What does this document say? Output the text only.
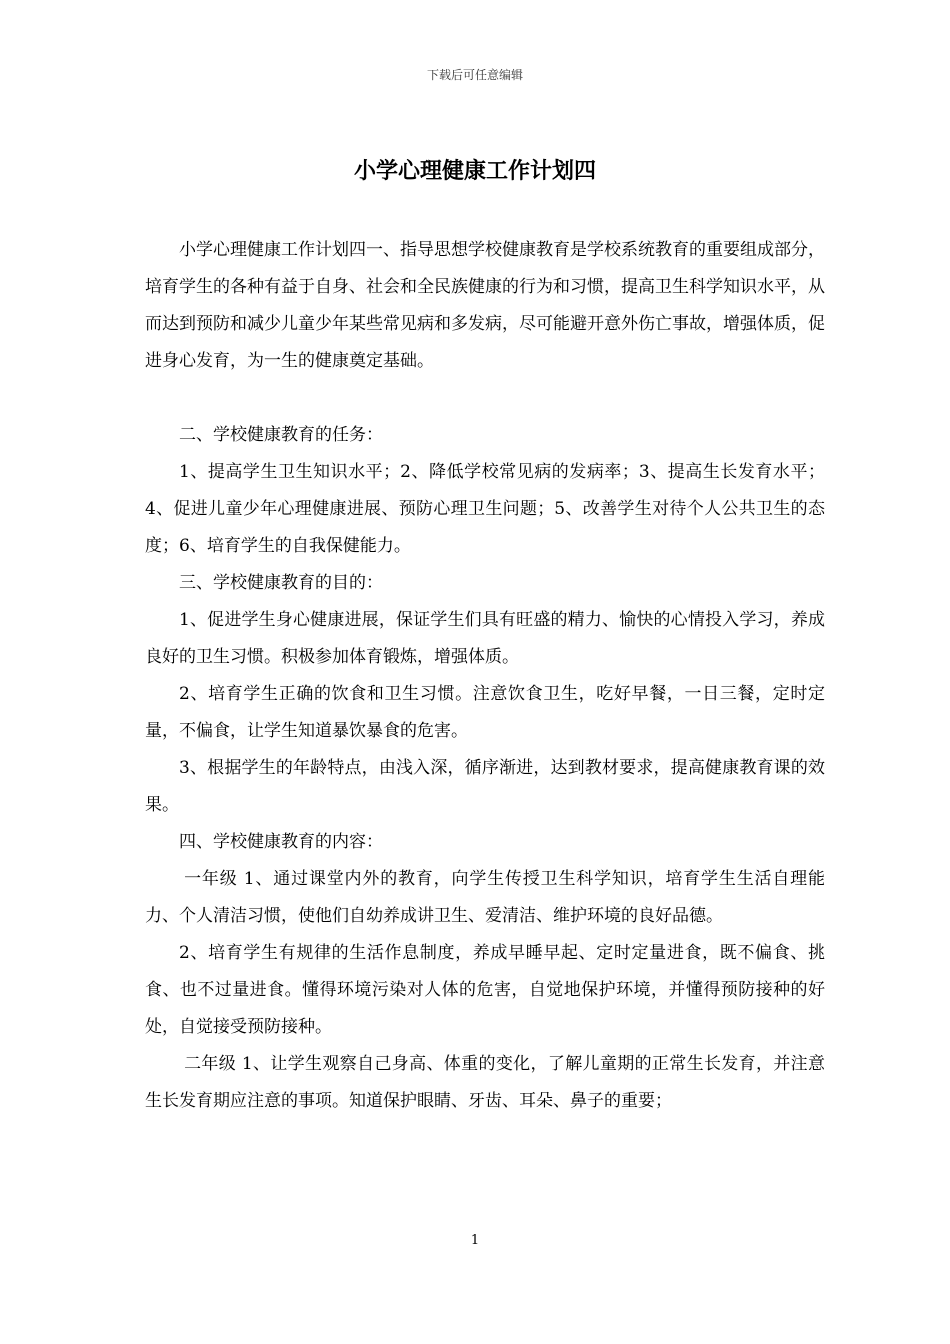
下载后可任意编辑
小学心理健康工作计划四

小学心理健康工作计划四一、指导思想学校健康教育是学校系统教育的重要组成部分，培育学生的各种有益于自身、社会和全民族健康的行为和习惯，提高卫生科学知识水平，从而达到预防和减少儿童少年某些常见病和多发病，尽可能避开意外伤亡事故，增强体质，促进身心发育，为一生的健康奠定基础。

二、学校健康教育的任务：

1、提高学生卫生知识水平；2、降低学校常见病的发病率；3、提高生长发育水平；4、促进儿童少年心理健康进展、预防心理卫生问题；5、改善学生对待个人公共卫生的态度；6、培育学生的自我保健能力。

三、学校健康教育的目的：

1、促进学生身心健康进展，保证学生们具有旺盛的精力、愉快的心情投入学习，养成良好的卫生习惯。积极参加体育锻炼，增强体质。

2、培育学生正确的饮食和卫生习惯。注意饮食卫生，吃好早餐，一日三餐，定时定量，不偏食，让学生知道暴饮暴食的危害。

3、根据学生的年龄特点，由浅入深，循序渐进，达到教材要求，提高健康教育课的效果。

四、学校健康教育的内容：

一年级 1、通过课堂内外的教育，向学生传授卫生科学知识，培育学生生活自理能力、个人清洁习惯，使他们自幼养成讲卫生、爱清洁、维护环境的良好品德。

2、培育学生有规律的生活作息制度，养成早睡早起、定时定量进食，既不偏食、挑食、也不过量进食。懂得环境污染对人体的危害，自觉地保护环境，并懂得预防接种的好处，自觉接受预防接种。

二年级 1、让学生观察自己身高、体重的变化，了解儿童期的正常生长发育，并注意生长发育期应注意的事项。知道保护眼睛、牙齿、耳朵、鼻子的重要；

1
